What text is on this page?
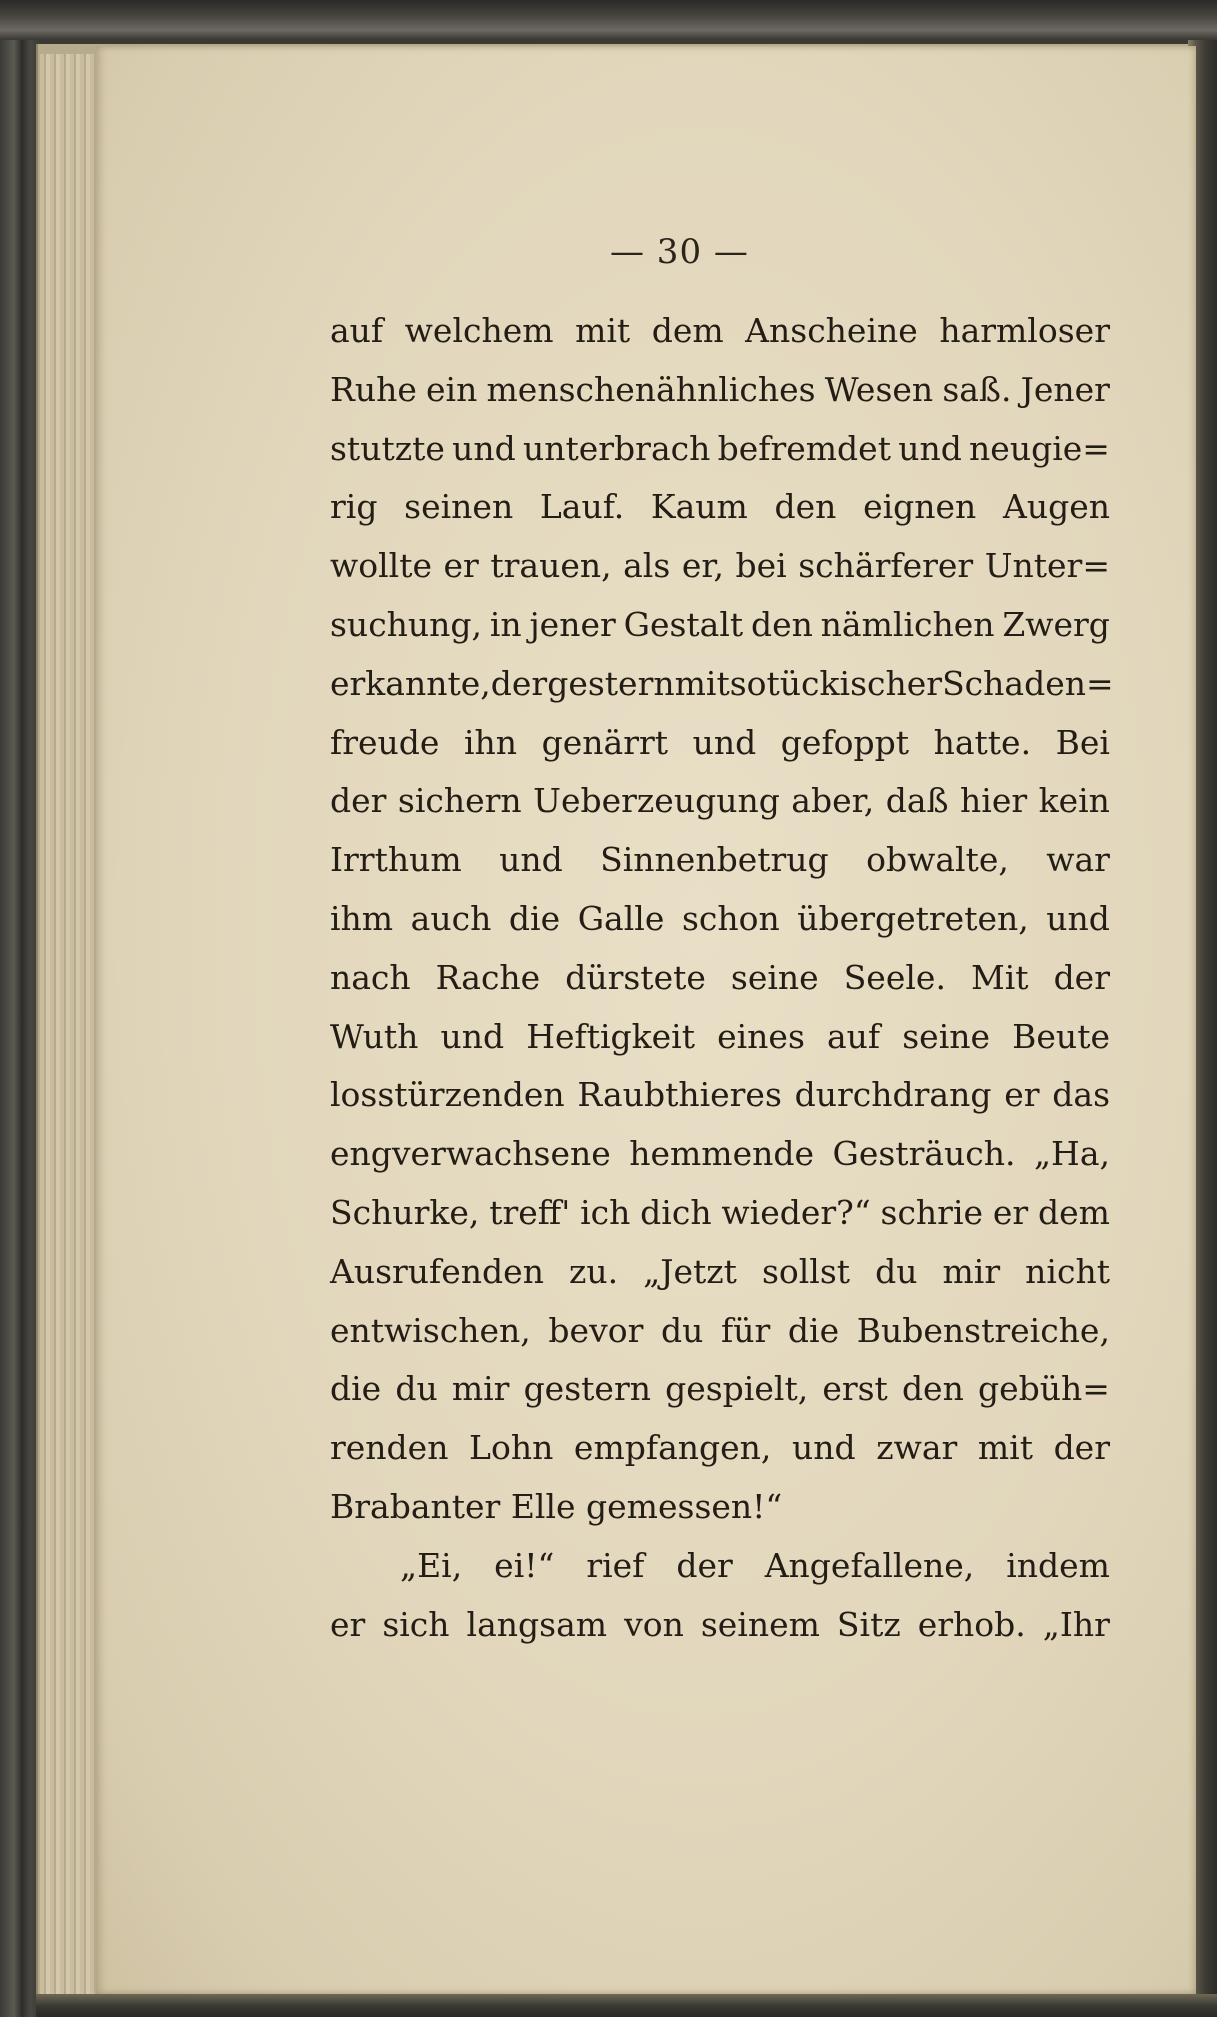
— 30 —
auf welchem mit dem Anscheine harmloser
Ruhe ein menschenähnliches Wesen saß. Jener
stutzte und unterbrach befremdet und neugie=
rig seinen Lauf. Kaum den eignen Augen
wollte er trauen, als er, bei schärferer Unter=
suchung, in jener Gestalt den nämlichen Zwerg
erkannte, der gestern mit so tückischer Schaden=
freude ihn genärrt und gefoppt hatte. Bei
der sichern Ueberzeugung aber, daß hier kein
Irrthum und Sinnenbetrug obwalte, war
ihm auch die Galle schon übergetreten, und
nach Rache dürstete seine Seele. Mit der
Wuth und Heftigkeit eines auf seine Beute
losstürzenden Raubthieres durchdrang er das
engverwachsene hemmende Gesträuch. „Ha,
Schurke, treff' ich dich wieder?“ schrie er dem
Ausrufenden zu. „Jetzt sollst du mir nicht
entwischen, bevor du für die Bubenstreiche,
die du mir gestern gespielt, erst den gebüh=
renden Lohn empfangen, und zwar mit der
Brabanter Elle gemessen!“
„Ei, ei!“ rief der Angefallene, indem
er sich langsam von seinem Sitz erhob. „Ihr
